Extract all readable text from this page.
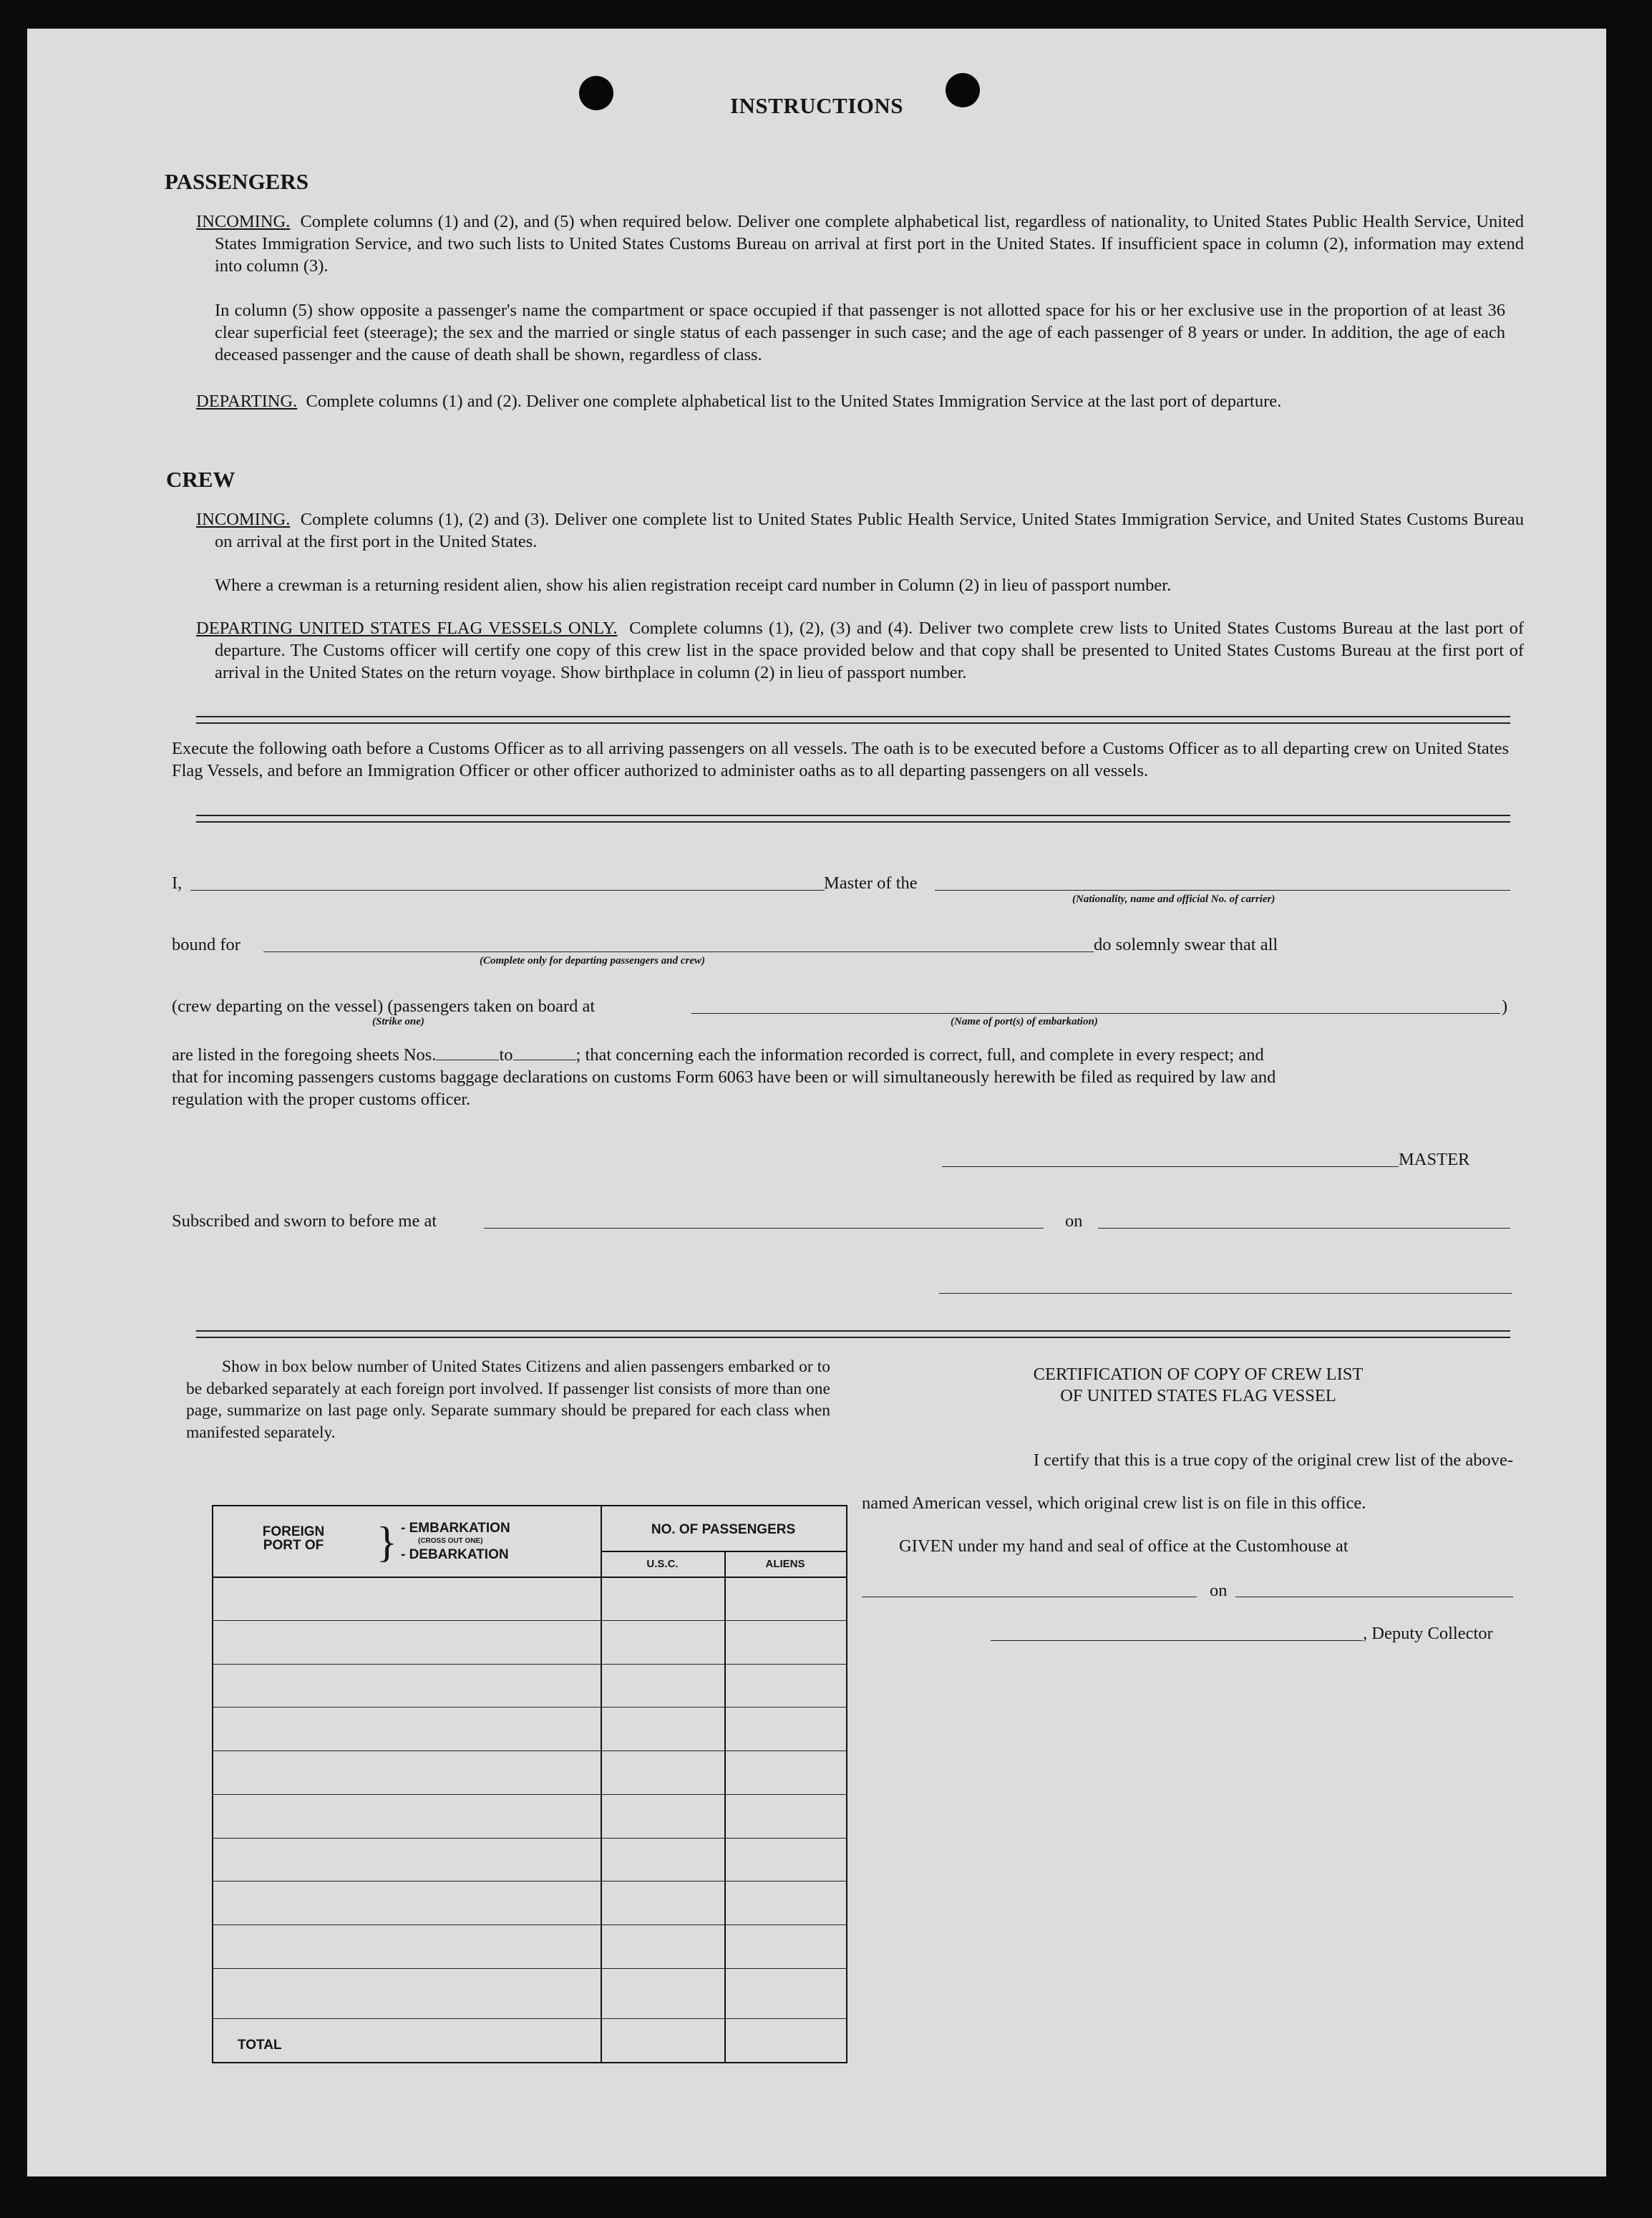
INSTRUCTIONS
PASSENGERS
INCOMING. Complete columns (1) and (2), and (5) when required below. Deliver one complete alphabetical list, regardless of nationality, to United States Public Health Service, United States Immigration Service, and two such lists to United States Customs Bureau on arrival at first port in the United States. If insufficient space in column (2), information may extend into column (3).
In column (5) show opposite a passenger's name the compartment or space occupied if that passenger is not allotted space for his or her exclusive use in the proportion of at least 36 clear superficial feet (steerage); the sex and the married or single status of each passenger in such case; and the age of each passenger of 8 years or under. In addition, the age of each deceased passenger and the cause of death shall be shown, regardless of class.
DEPARTING. Complete columns (1) and (2). Deliver one complete alphabetical list to the United States Immigration Service at the last port of departure.
CREW
INCOMING. Complete columns (1), (2) and (3). Deliver one complete list to United States Public Health Service, United States Immigration Service, and United States Customs Bureau on arrival at the first port in the United States.
Where a crewman is a returning resident alien, show his alien registration receipt card number in Column (2) in lieu of passport number.
DEPARTING UNITED STATES FLAG VESSELS ONLY. Complete columns (1), (2), (3) and (4). Deliver two complete crew lists to United States Customs Bureau at the last port of departure. The Customs officer will certify one copy of this crew list in the space provided below and that copy shall be presented to United States Customs Bureau at the first port of arrival in the United States on the return voyage. Show birthplace in column (2) in lieu of passport number.
Execute the following oath before a Customs Officer as to all arriving passengers on all vessels. The oath is to be executed before a Customs Officer as to all departing crew on United States Flag Vessels, and before an Immigration Officer or other officer authorized to administer oaths as to all departing passengers on all vessels.
I,	Master of the
(Nationality, name and official No. of carrier)
bound for
(Complete only for departing passengers and crew)
do solemnly swear that all
(crew departing on the vessel) (passengers taken on board at	)
(Strike one)	(Name of port(s) of embarkation)
are listed in the foregoing sheets Nos.	to	; that concerning each the information recorded is correct, full, and complete in every respect; and
that for incoming passengers customs baggage declarations on customs Form 6063 have been or will simultaneously herewith be filed as required by law and
regulation with the proper customs officer.
MASTER
Subscribed and sworn to before me at	on
Show in box below number of United States Citizens and alien passengers embarked or to be debarked separately at each foreign port involved. If passenger list consists of more than one page, summarize on last page only. Separate summary should be prepared for each class when manifested separately.
FOREIGN PORT OF	} - EMBARKATION
(CROSS OUT ONE)
- DEBARKATION
NO. OF PASSENGERS
U.S.C.	ALIENS
TOTAL
CERTIFICATION OF COPY OF CREW LIST
OF UNITED STATES FLAG VESSEL
I certify that this is a true copy of the original crew list of the above-
named American vessel, which original crew list is on file in this office.
GIVEN under my hand and seal of office at the Customhouse at
on
, Deputy Collector
